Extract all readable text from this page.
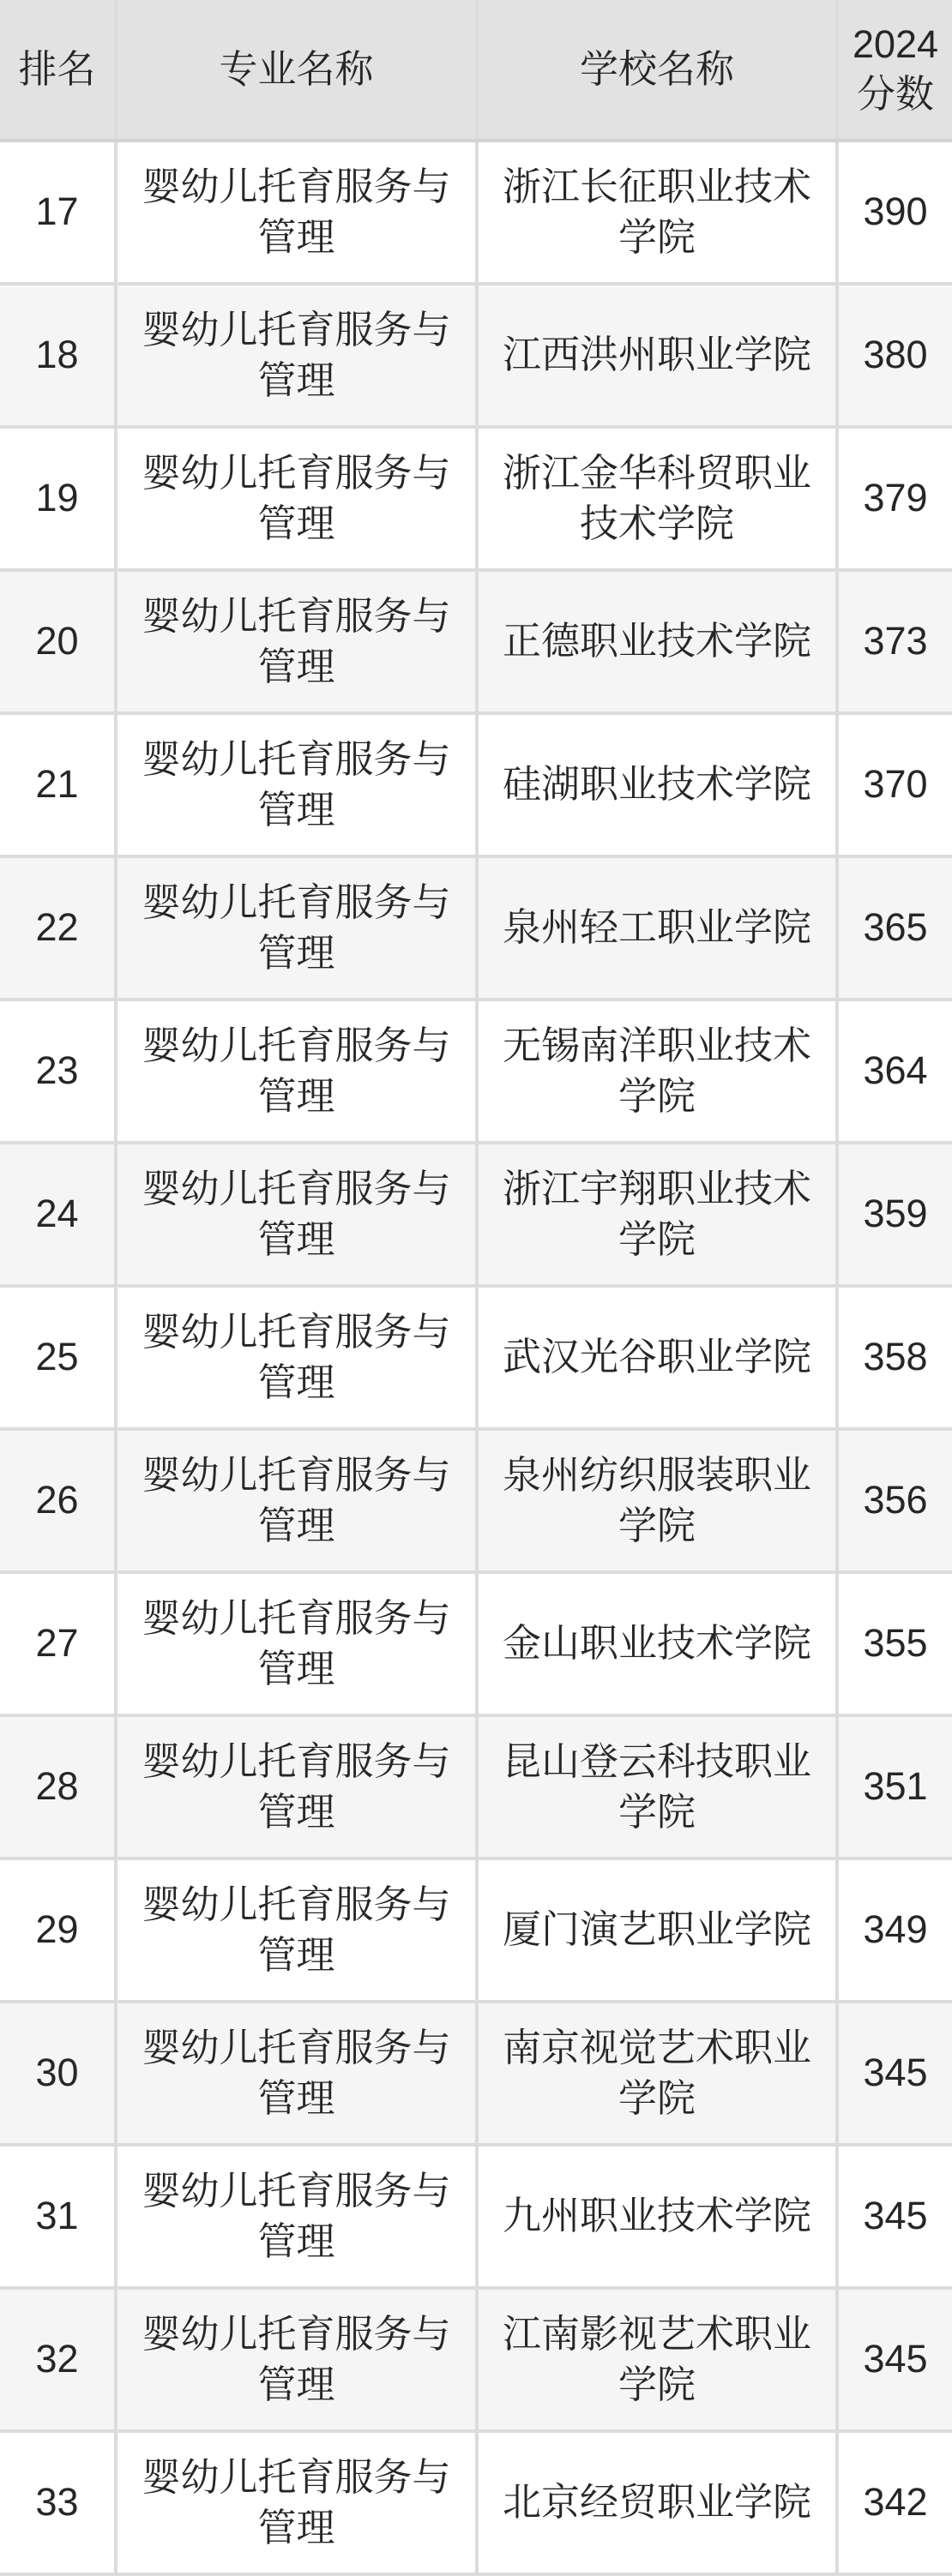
排名	专业名称	学校名称	2024分数
17	婴幼儿托育服务与管理	浙江长征职业技术学院	390
18	婴幼儿托育服务与管理	江西洪州职业学院	380
19	婴幼儿托育服务与管理	浙江金华科贸职业技术学院	379
20	婴幼儿托育服务与管理	正德职业技术学院	373
21	婴幼儿托育服务与管理	硅湖职业技术学院	370
22	婴幼儿托育服务与管理	泉州轻工职业学院	365
23	婴幼儿托育服务与管理	无锡南洋职业技术学院	364
24	婴幼儿托育服务与管理	浙江宇翔职业技术学院	359
25	婴幼儿托育服务与管理	武汉光谷职业学院	358
26	婴幼儿托育服务与管理	泉州纺织服装职业学院	356
27	婴幼儿托育服务与管理	金山职业技术学院	355
28	婴幼儿托育服务与管理	昆山登云科技职业学院	351
29	婴幼儿托育服务与管理	厦门演艺职业学院	349
30	婴幼儿托育服务与管理	南京视觉艺术职业学院	345
31	婴幼儿托育服务与管理	九州职业技术学院	345
32	婴幼儿托育服务与管理	江南影视艺术职业学院	345
33	婴幼儿托育服务与管理	北京经贸职业学院	342
